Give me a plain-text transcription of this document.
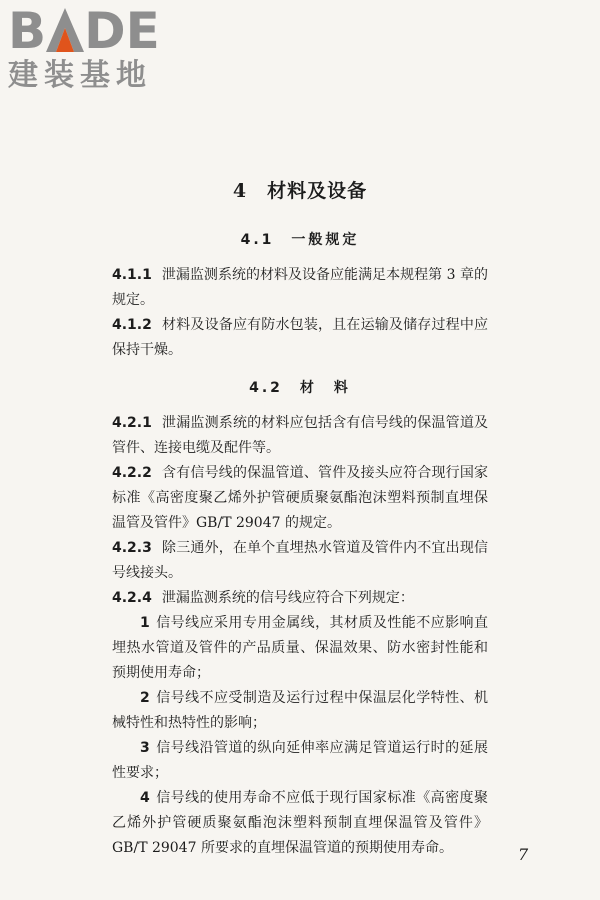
B DE
建装基地
4　材料及设备
4.1　一般规定

4.1.1 泄漏监测系统的材料及设备应能满足本规程第 3 章的规定。

4.1.2 材料及设备应有防水包装，且在运输及储存过程中应保持干燥。

4.2　材　料

4.2.1 泄漏监测系统的材料应包括含有信号线的保温管道及管件、连接电缆及配件等。

4.2.2 含有信号线的保温管道、管件及接头应符合现行国家标准《高密度聚乙烯外护管硬质聚氨酯泡沫塑料预制直埋保温管及管件》GB/T 29047 的规定。

4.2.3 除三通外，在单个直埋热水管道及管件内不宜出现信号线接头。

4.2.4 泄漏监测系统的信号线应符合下列规定：

1 信号线应采用专用金属线，其材质及性能不应影响直埋热水管道及管件的产品质量、保温效果、防水密封性能和预期使用寿命；

2 信号线不应受制造及运行过程中保温层化学特性、机械特性和热特性的影响；

3 信号线沿管道的纵向延伸率应满足管道运行时的延展性要求；

4 信号线的使用寿命不应低于现行国家标准《高密度聚乙烯外护管硬质聚氨酯泡沫塑料预制直埋保温管及管件》GB/T 29047 所要求的直埋保温管道的预期使用寿命。	7
